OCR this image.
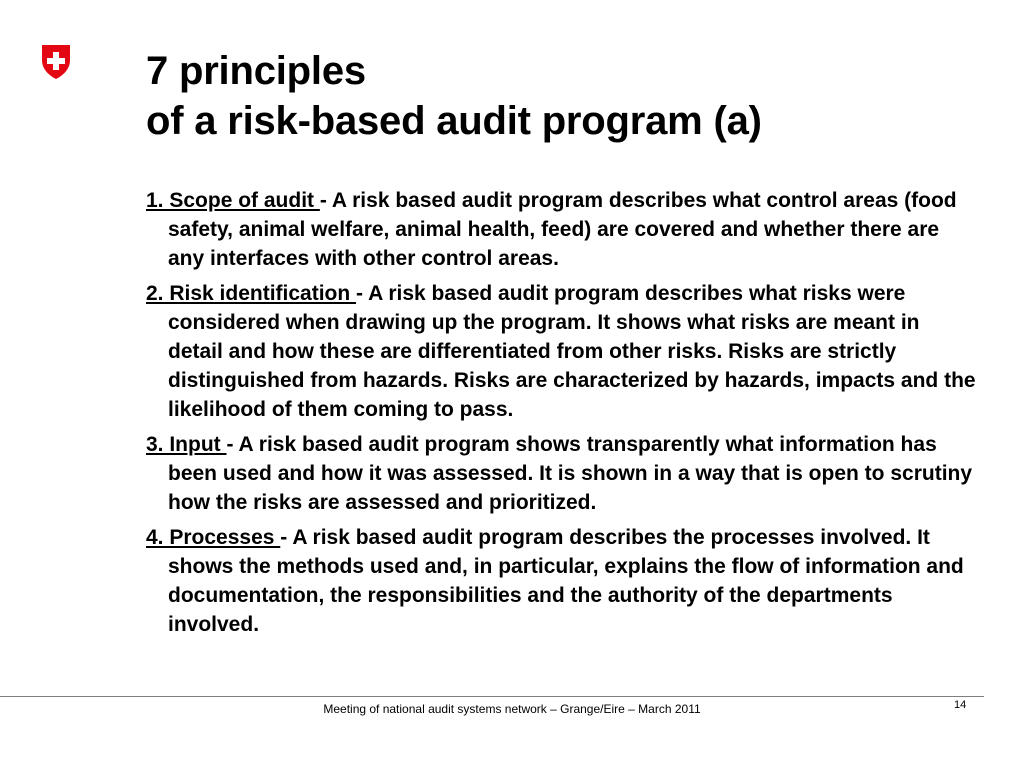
7 principles
of a risk-based audit program (a)
1. Scope of audit - A risk based audit program describes what control areas (food safety, animal welfare, animal health, feed) are covered and whether there are any interfaces with other control areas.
2. Risk identification - A risk based audit program describes what risks were considered when drawing up the program. It shows what risks are meant in detail and how these are differentiated from other risks. Risks are strictly distinguished from hazards. Risks are characterized by hazards, impacts and the likelihood of them coming to pass.
3. Input - A risk based audit program shows transparently what information has been used and how it was assessed. It is shown in a way that is open to scrutiny how the risks are assessed and prioritized.
4. Processes - A risk based audit program describes the processes involved. It shows the methods used and, in particular, explains the flow of information and documentation, the responsibilities and the authority of the departments involved.
Meeting of national audit systems network – Grange/Eire – March 2011	14
